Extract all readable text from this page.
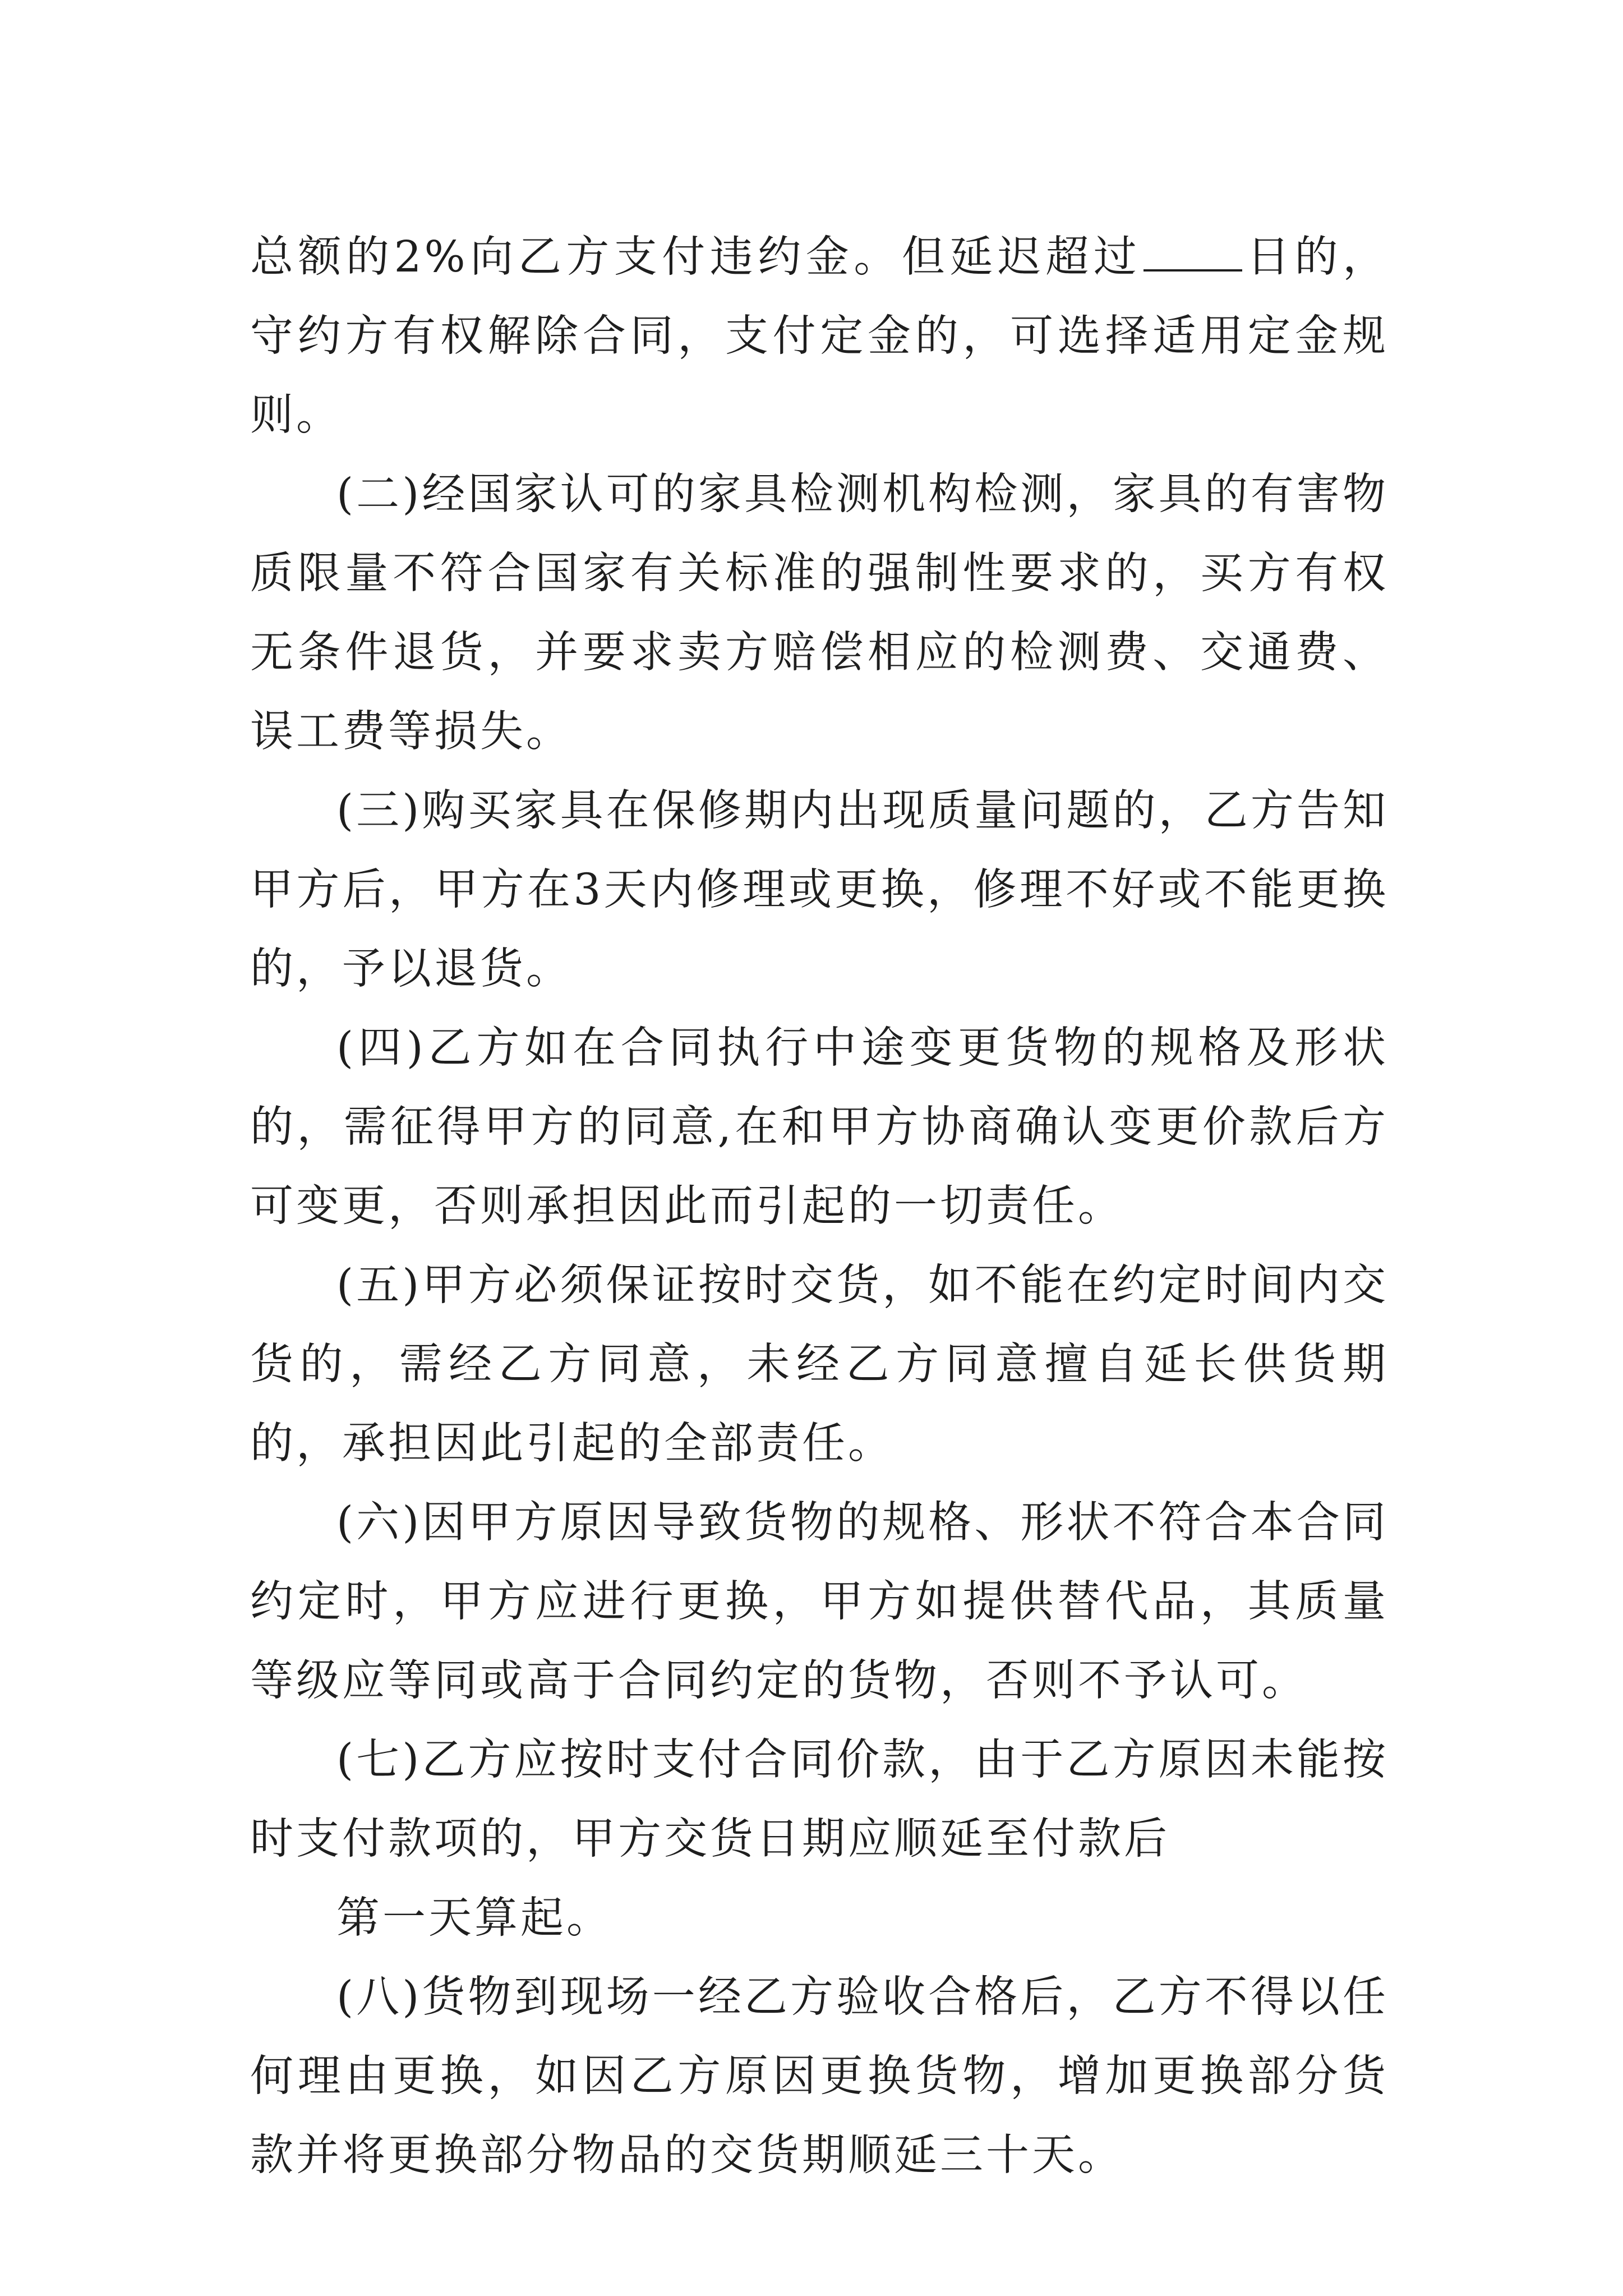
总额的2%向乙方支付违约金。但延迟超过 日的，守约方有权解除合同，支付定金的，可选择适用定金规则。

(二)经国家认可的家具检测机构检测，家具的有害物质限量不符合国家有关标准的强制性要求的，买方有权无条件退货，并要求卖方赔偿相应的检测费、交通费、误工费等损失。

(三)购买家具在保修期内出现质量问题的，乙方告知甲方后，甲方在3天内修理或更换，修理不好或不能更换的，予以退货。

(四)乙方如在合同执行中途变更货物的规格及形状的，需征得甲方的同意,在和甲方协商确认变更价款后方可变更，否则承担因此而引起的一切责任。

(五)甲方必须保证按时交货，如不能在约定时间内交货的，需经乙方同意，未经乙方同意擅自延长供货期的，承担因此引起的全部责任。

(六)因甲方原因导致货物的规格、形状不符合本合同约定时，甲方应进行更换，甲方如提供替代品，其质量等级应等同或高于合同约定的货物，否则不予认可。

(七)乙方应按时支付合同价款，由于乙方原因未能按时支付款项的，甲方交货日期应顺延至付款后

第一天算起。

(八)货物到现场一经乙方验收合格后，乙方不得以任何理由更换，如因乙方原因更换货物，增加更换部分货款并将更换部分物品的交货期顺延三十天。
